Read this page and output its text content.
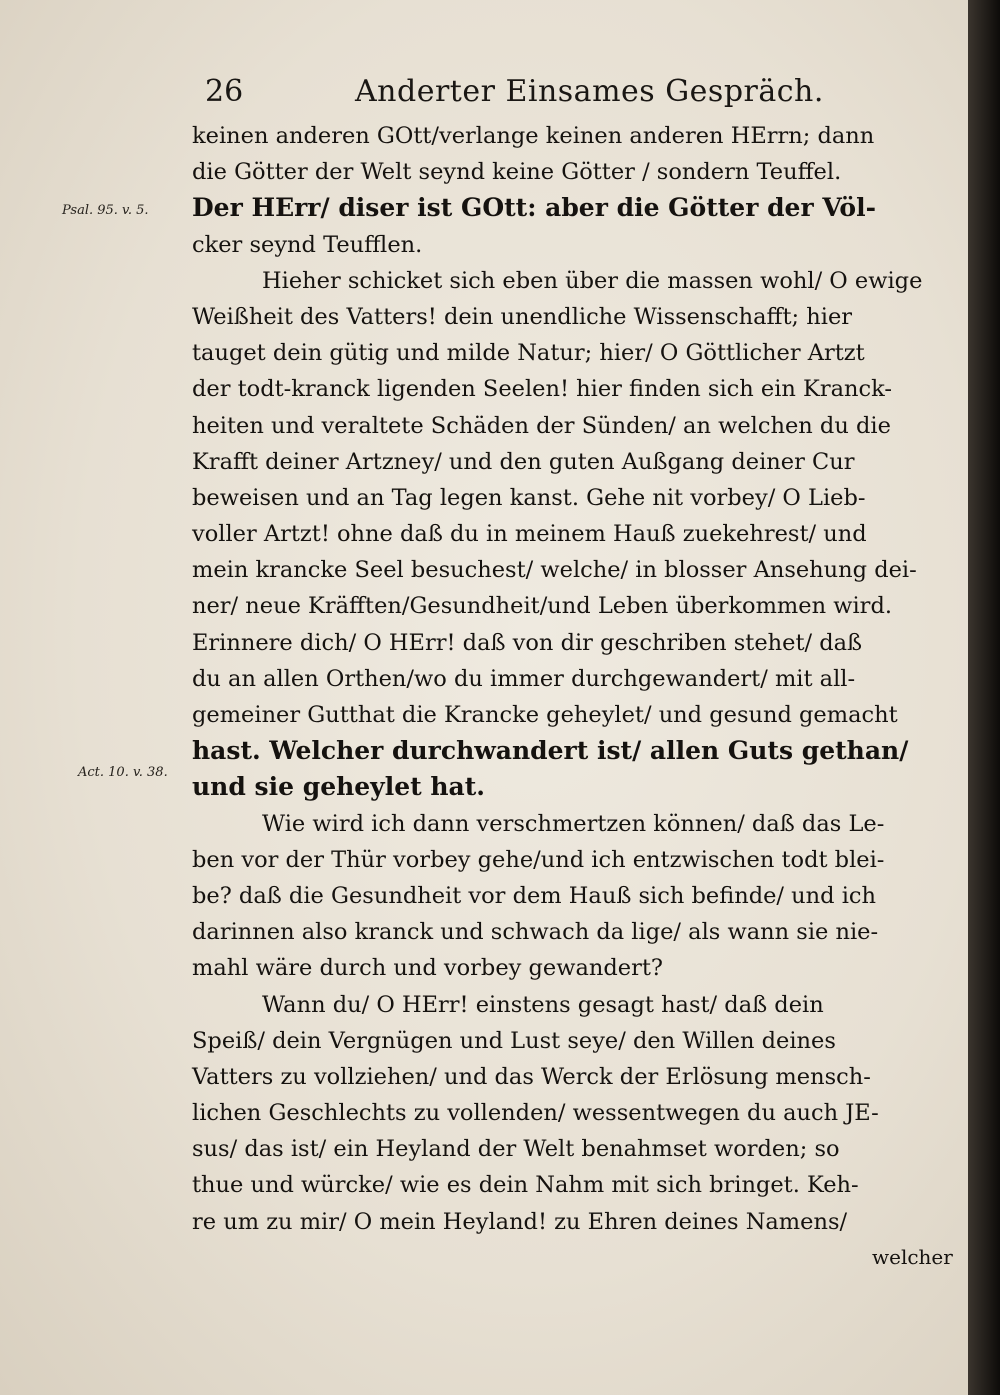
26	Anderter Einsames Gespräch.
Psal. 95. v. 5.
Act. 10. v. 38.
keinen anderen GOtt/verlange keinen anderen HErrn; dann
die Götter der Welt seynd keine Götter / sondern Teuffel.
Der HErr/ diser ist GOtt: aber die Götter der Völ-
cker seynd Teufflen.
Hieher schicket sich eben über die massen wohl/ O ewige
Weißheit des Vatters! dein unendliche Wissenschafft; hier
tauget dein gütig und milde Natur; hier/ O Göttlicher Artzt
der todt-kranck ligenden Seelen! hier finden sich ein Kranck-
heiten und veraltete Schäden der Sünden/ an welchen du die
Krafft deiner Artzney/ und den guten Außgang deiner Cur
beweisen und an Tag legen kanst. Gehe nit vorbey/ O Lieb-
voller Artzt! ohne daß du in meinem Hauß zuekehrest/ und
mein krancke Seel besuchest/ welche/ in blosser Ansehung dei-
ner/ neue Kräfften/Gesundheit/und Leben überkommen wird.
Erinnere dich/ O HErr! daß von dir geschriben stehet/ daß
du an allen Orthen/wo du immer durchgewandert/ mit all-
gemeiner Gutthat die Krancke geheylet/ und gesund gemacht
hast. Welcher durchwandert ist/ allen Guts gethan/
und sie geheylet hat.
Wie wird ich dann verschmertzen können/ daß das Le-
ben vor der Thür vorbey gehe/und ich entzwischen todt blei-
be? daß die Gesundheit vor dem Hauß sich befinde/ und ich
darinnen also kranck und schwach da lige/ als wann sie nie-
mahl wäre durch und vorbey gewandert?
Wann du/ O HErr! einstens gesagt hast/ daß dein
Speiß/ dein Vergnügen und Lust seye/ den Willen deines
Vatters zu vollziehen/ und das Werck der Erlösung mensch-
lichen Geschlechts zu vollenden/ wessentwegen du auch JE-
sus/ das ist/ ein Heyland der Welt benahmset worden; so
thue und würcke/ wie es dein Nahm mit sich bringet. Keh-
re um zu mir/ O mein Heyland! zu Ehren deines Namens/
welcher
